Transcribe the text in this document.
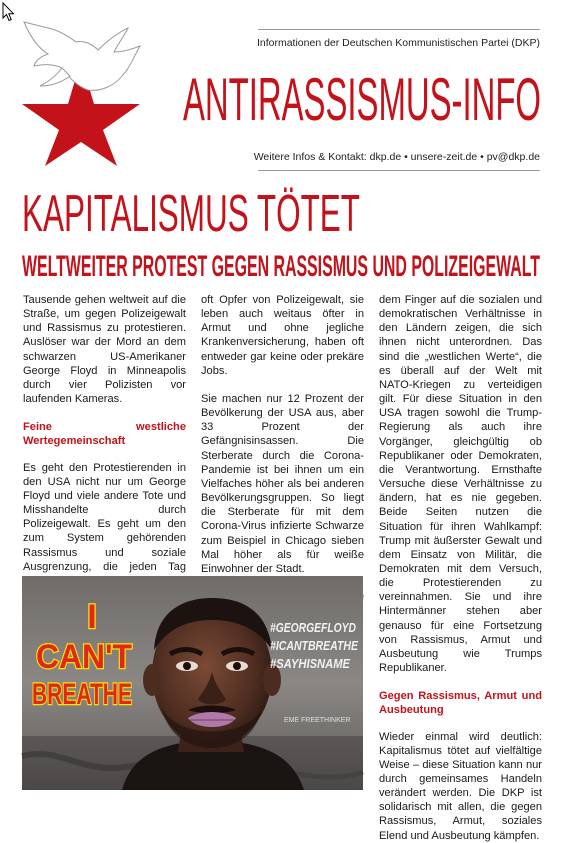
Informationen der Deutschen Kommunistischen Partei (DKP)
ANTIRASSISMUS-INFO
Weitere Infos & Kontakt: dkp.de • unsere-zeit.de • pv@dkp.de
KAPITALISMUS TÖTET
WELTWEITER PROTEST GEGEN RASSISMUS UND POLIZEIGEWALT

Tausende gehen weltweit auf die Straße, um gegen Polizeigewalt und Rassismus zu protestieren. Auslöser war der Mord an dem schwarzen US-Amerikaner George Floyd in Minneapolis durch vier Polizisten vor laufenden Kameras.

Feine westliche Wertegemeinschaft

Es geht den Protestierenden in den USA nicht nur um George Floyd und viele andere Tote und Misshandelte durch Polizeigewalt. Es geht um den zum System gehörenden Rassismus und soziale Ausgrenzung, die jeden Tag

oft Opfer von Polizeigewalt, sie leben auch weitaus öfter in Armut und ohne jegliche Krankenversicherung, haben oft entweder gar keine oder prekäre Jobs.

Sie machen nur 12 Prozent der Bevölkerung der USA aus, aber 33 Prozent der Gefängnisinsassen. Die Sterberate durch die Corona-Pandemie ist bei ihnen um ein Vielfaches höher als bei anderen Bevölkerungsgruppen. So liegt die Sterberate für mit dem Corona-Virus infizierte Schwarze zum Beispiel in Chicago sieben Mal höher als für weiße Einwohner der Stadt.

dem Finger auf die sozialen und demokratischen Verhältnisse in den Ländern zeigen, die sich ihnen nicht unterordnen. Das sind die „westlichen Werte“, die es überall auf der Welt mit NATO-Kriegen zu verteidigen gilt. Für diese Situation in den USA tragen sowohl die Trump-Regierung als auch ihre Vorgänger, gleichgültig ob Republikaner oder Demokraten, die Verantwortung. Ernsthafte Versuche diese Verhältnisse zu ändern, hat es nie gegeben. Beide Seiten nutzen die Situation für ihren Wahlkampf: Trump mit äußerster Gewalt und dem Einsatz von Militär, die Demokraten mit dem Versuch, die Protestierenden zu vereinnahmen. Sie und ihre Hintermänner stehen aber genauso für eine Fortsetzung von Rassismus, Armut und Ausbeutung wie Trumps Republikaner.

Gegen Rassismus, Armut und Ausbeutung

Wieder einmal wird deutlich: Kapitalismus tötet auf vielfältige Weise – diese Situation kann nur durch gemeinsames Handeln verändert werden. Die DKP ist solidarisch mit allen, die gegen Rassismus, Armut, soziales Elend und Ausbeutung kämpfen.

I
CAN'T
BREATHE
#GEORGEFLOYD
#ICANTBREATHE
#SAYHISNAME
EME FREETHINKER
